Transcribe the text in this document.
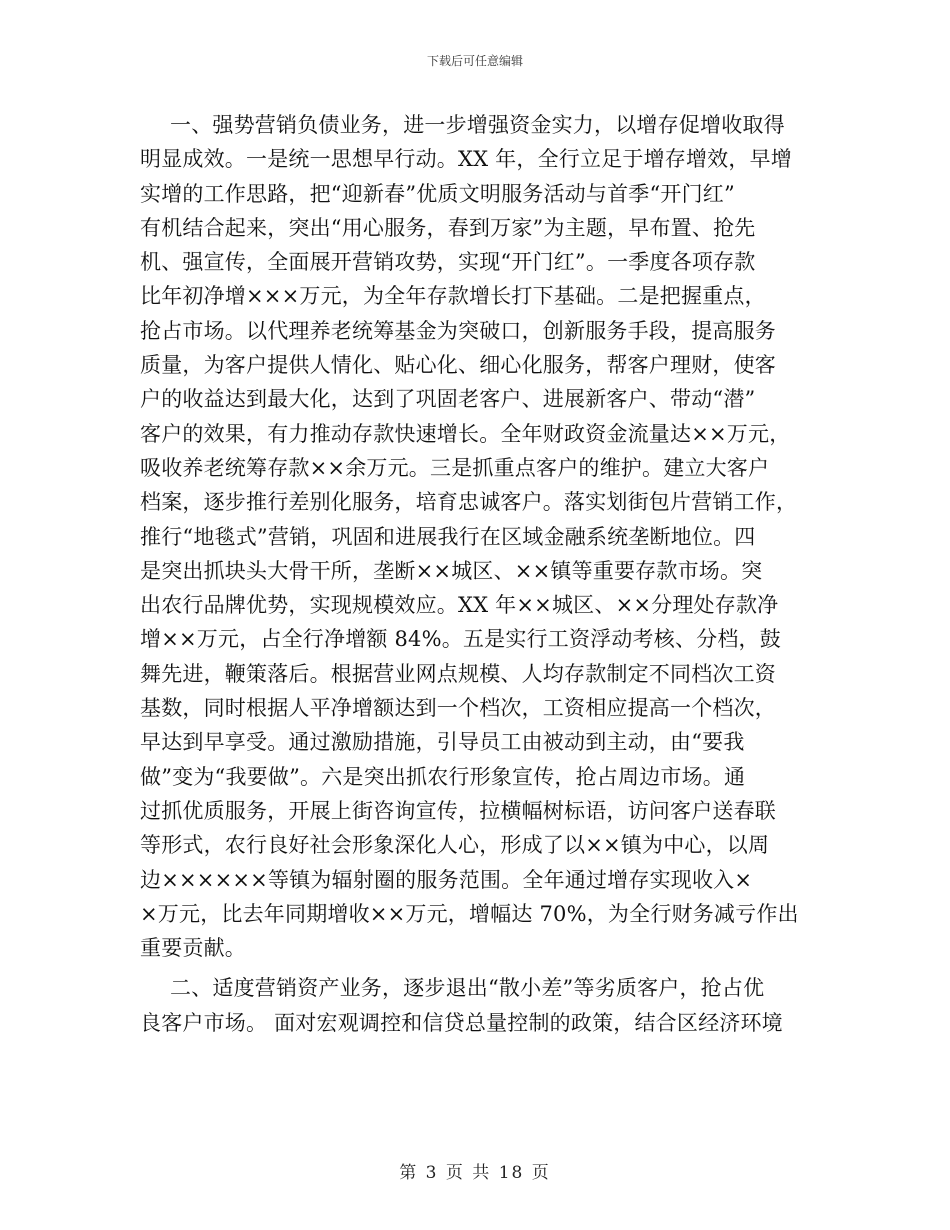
下载后可任意编辑
一、强势营销负债业务，进一步增强资金实力，以增存促增收取得
明显成效。一是统一思想早行动。XX 年，全行立足于增存增效，早增
实增的工作思路，把“迎新春”优质文明服务活动与首季“开门红”
有机结合起来，突出“用心服务，春到万家”为主题，早布置、抢先
机、强宣传，全面展开营销攻势，实现“开门红”。一季度各项存款
比年初净增×××万元，为全年存款增长打下基础。二是把握重点，
抢占市场。以代理养老统筹基金为突破口，创新服务手段，提高服务
质量，为客户提供人情化、贴心化、细心化服务，帮客户理财，使客
户的收益达到最大化，达到了巩固老客户、进展新客户、带动“潜”
客户的效果，有力推动存款快速增长。全年财政资金流量达××万元，
吸收养老统筹存款××余万元。三是抓重点客户的维护。建立大客户
档案，逐步推行差别化服务，培育忠诚客户。落实划街包片营销工作，
推行“地毯式”营销，巩固和进展我行在区域金融系统垄断地位。四
是突出抓块头大骨干所，垄断××城区、××镇等重要存款市场。突
出农行品牌优势，实现规模效应。XX 年××城区、××分理处存款净
增××万元，占全行净增额 84%。五是实行工资浮动考核、分档，鼓
舞先进，鞭策落后。根据营业网点规模、人均存款制定不同档次工资
基数，同时根据人平净增额达到一个档次，工资相应提高一个档次，
早达到早享受。通过激励措施，引导员工由被动到主动，由“要我
做”变为“我要做”。六是突出抓农行形象宣传，抢占周边市场。通
过抓优质服务，开展上街咨询宣传，拉横幅树标语，访问客户送春联
等形式，农行良好社会形象深化人心，形成了以××镇为中心，以周
边××××××等镇为辐射圈的服务范围。全年通过增存实现收入×
×万元，比去年同期增收××万元，增幅达 70%，为全行财务减亏作出
重要贡献。
二、适度营销资产业务，逐步退出“散小差”等劣质客户，抢占优
良客户市场。 面对宏观调控和信贷总量控制的政策，结合区经济环境
第 3 页 共 18 页
